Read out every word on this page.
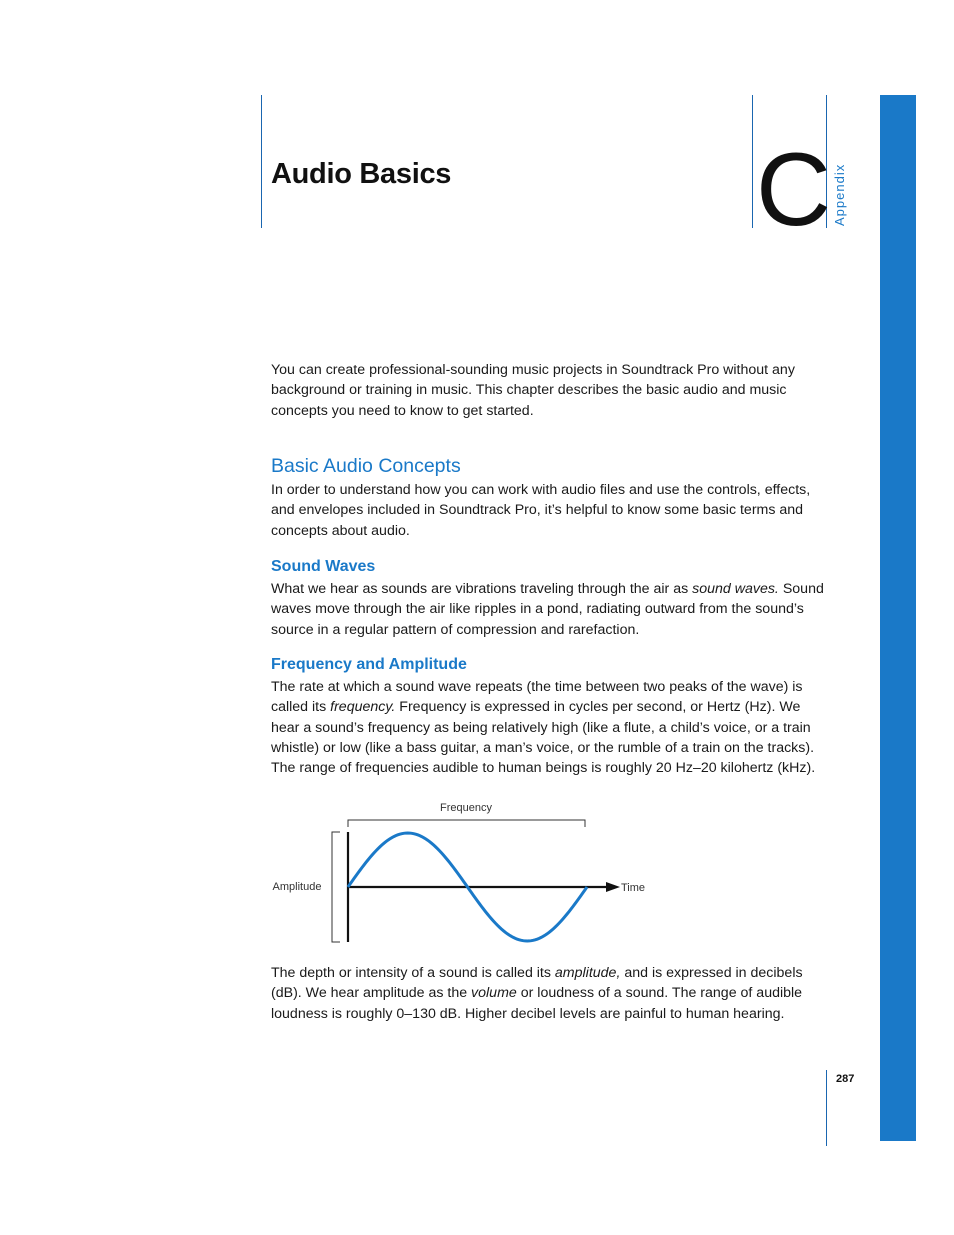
Audio Basics	C Appendix

You can create professional-sounding music projects in Soundtrack Pro without any background or training in music. This chapter describes the basic audio and music concepts you need to know to get started.

Basic Audio Concepts

In order to understand how you can work with audio files and use the controls, effects, and envelopes included in Soundtrack Pro, it’s helpful to know some basic terms and concepts about audio.

Sound Waves

What we hear as sounds are vibrations traveling through the air as sound waves. Sound waves move through the air like ripples in a pond, radiating outward from the sound’s source in a regular pattern of compression and rarefaction.

Frequency and Amplitude

The rate at which a sound wave repeats (the time between two peaks of the wave) is called its frequency. Frequency is expressed in cycles per second, or Hertz (Hz). We hear a sound’s frequency as being relatively high (like a flute, a child’s voice, or a train whistle) or low (like a bass guitar, a man’s voice, or the rumble of a train on the tracks). The range of frequencies audible to human beings is roughly 20 Hz–20 kilohertz (kHz).

Frequency
Amplitude	Time

The depth or intensity of a sound is called its amplitude, and is expressed in decibels (dB). We hear amplitude as the volume or loudness of a sound. The range of audible loudness is roughly 0–130 dB. Higher decibel levels are painful to human hearing.

287
